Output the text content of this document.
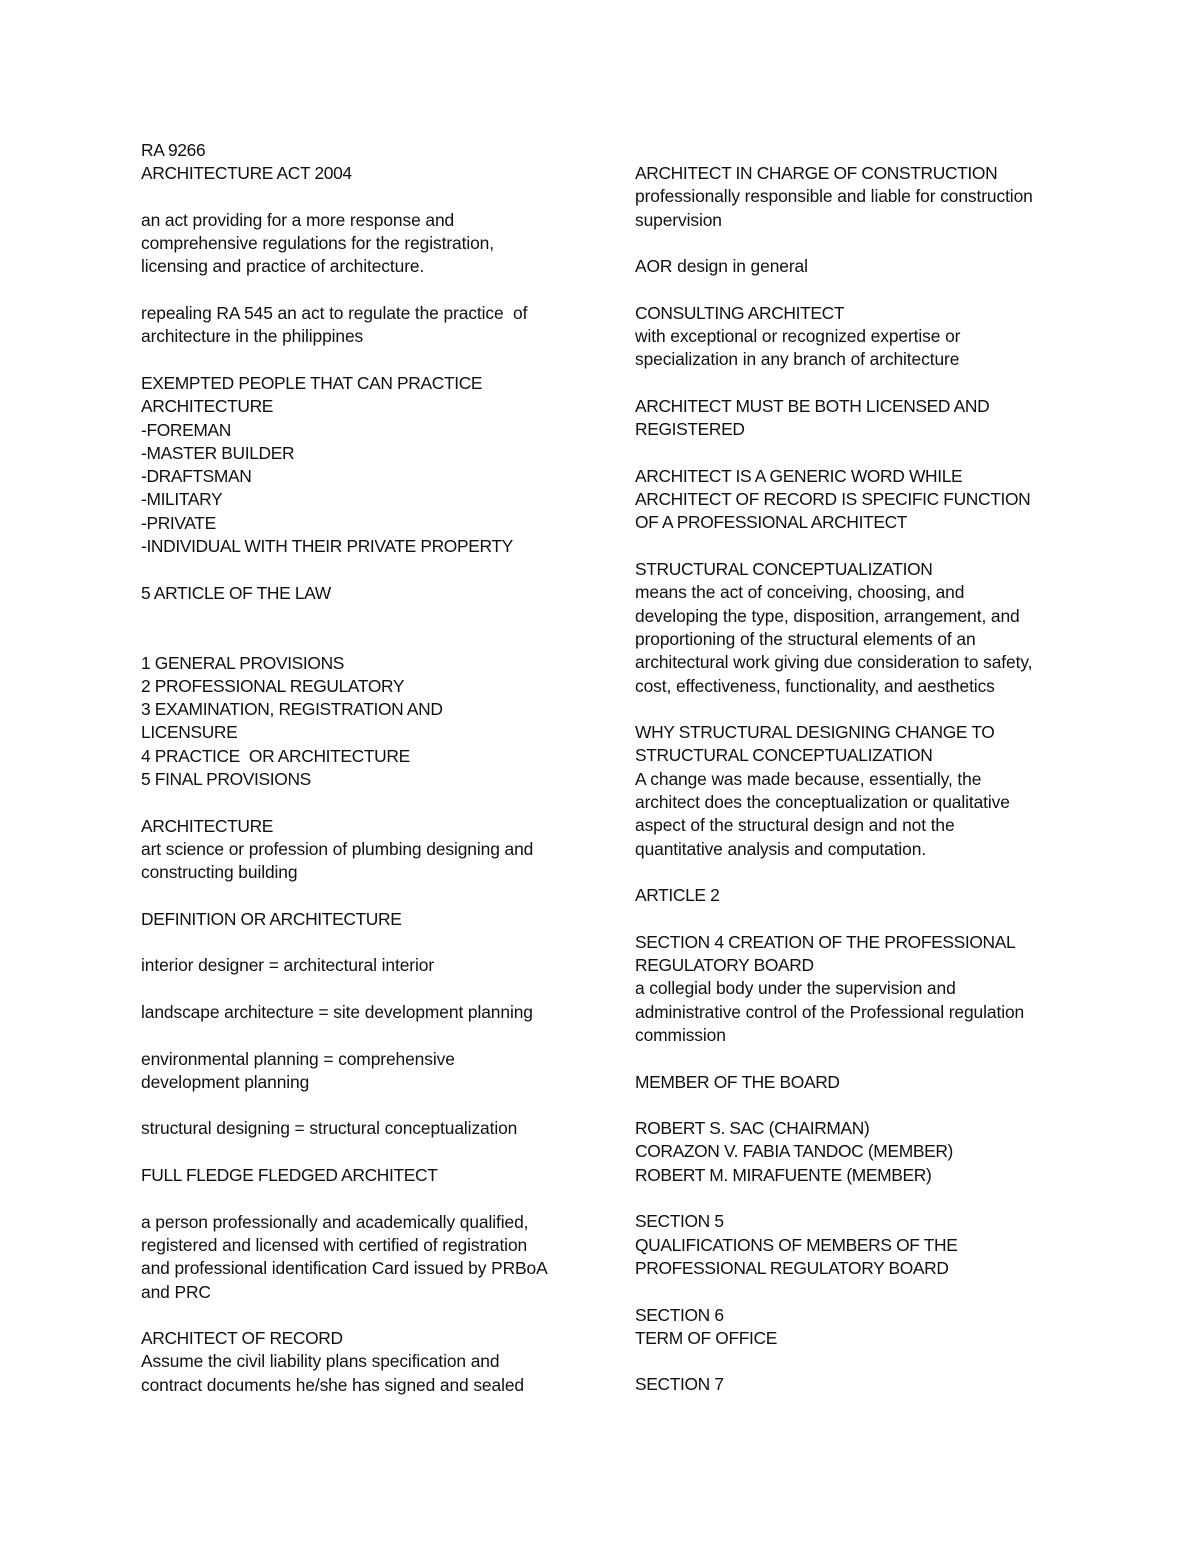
RA 9266
ARCHITECTURE ACT 2004
an act providing for a more response and
comprehensive regulations for the registration,
licensing and practice of architecture.
repealing RA 545 an act to regulate the practice  of
architecture in the philippines
EXEMPTED PEOPLE THAT CAN PRACTICE
ARCHITECTURE
-FOREMAN
-MASTER BUILDER
-DRAFTSMAN
-MILITARY
-PRIVATE
-INDIVIDUAL WITH THEIR PRIVATE PROPERTY
5 ARTICLE OF THE LAW
1 GENERAL PROVISIONS
2 PROFESSIONAL REGULATORY
3 EXAMINATION, REGISTRATION AND
LICENSURE
4 PRACTICE  OR ARCHITECTURE
5 FINAL PROVISIONS
ARCHITECTURE
art science or profession of plumbing designing and
constructing building
DEFINITION OR ARCHITECTURE
interior designer = architectural interior
landscape architecture = site development planning
environmental planning = comprehensive
development planning
structural designing = structural conceptualization
FULL FLEDGE FLEDGED ARCHITECT
a person professionally and academically qualified,
registered and licensed with certified of registration
and professional identification Card issued by PRBoA
and PRC
ARCHITECT OF RECORD
Assume the civil liability plans specification and
contract documents he/she has signed and sealed
ARCHITECT IN CHARGE OF CONSTRUCTION
professionally responsible and liable for construction
supervision
AOR design in general
CONSULTING ARCHITECT
with exceptional or recognized expertise or
specialization in any branch of architecture
ARCHITECT MUST BE BOTH LICENSED AND
REGISTERED
ARCHITECT IS A GENERIC WORD WHILE
ARCHITECT OF RECORD IS SPECIFIC FUNCTION
OF A PROFESSIONAL ARCHITECT
STRUCTURAL CONCEPTUALIZATION
means the act of conceiving, choosing, and
developing the type, disposition, arrangement, and
proportioning of the structural elements of an
architectural work giving due consideration to safety,
cost, effectiveness, functionality, and aesthetics
WHY STRUCTURAL DESIGNING CHANGE TO
STRUCTURAL CONCEPTUALIZATION
A change was made because, essentially, the
architect does the conceptualization or qualitative
aspect of the structural design and not the
quantitative analysis and computation.
ARTICLE 2
SECTION 4 CREATION OF THE PROFESSIONAL
REGULATORY BOARD
a collegial body under the supervision and
administrative control of the Professional regulation
commission
MEMBER OF THE BOARD
ROBERT S. SAC (CHAIRMAN)
CORAZON V. FABIA TANDOC (MEMBER)
ROBERT M. MIRAFUENTE (MEMBER)
SECTION 5
QUALIFICATIONS OF MEMBERS OF THE
PROFESSIONAL REGULATORY BOARD
SECTION 6
TERM OF OFFICE
SECTION 7
